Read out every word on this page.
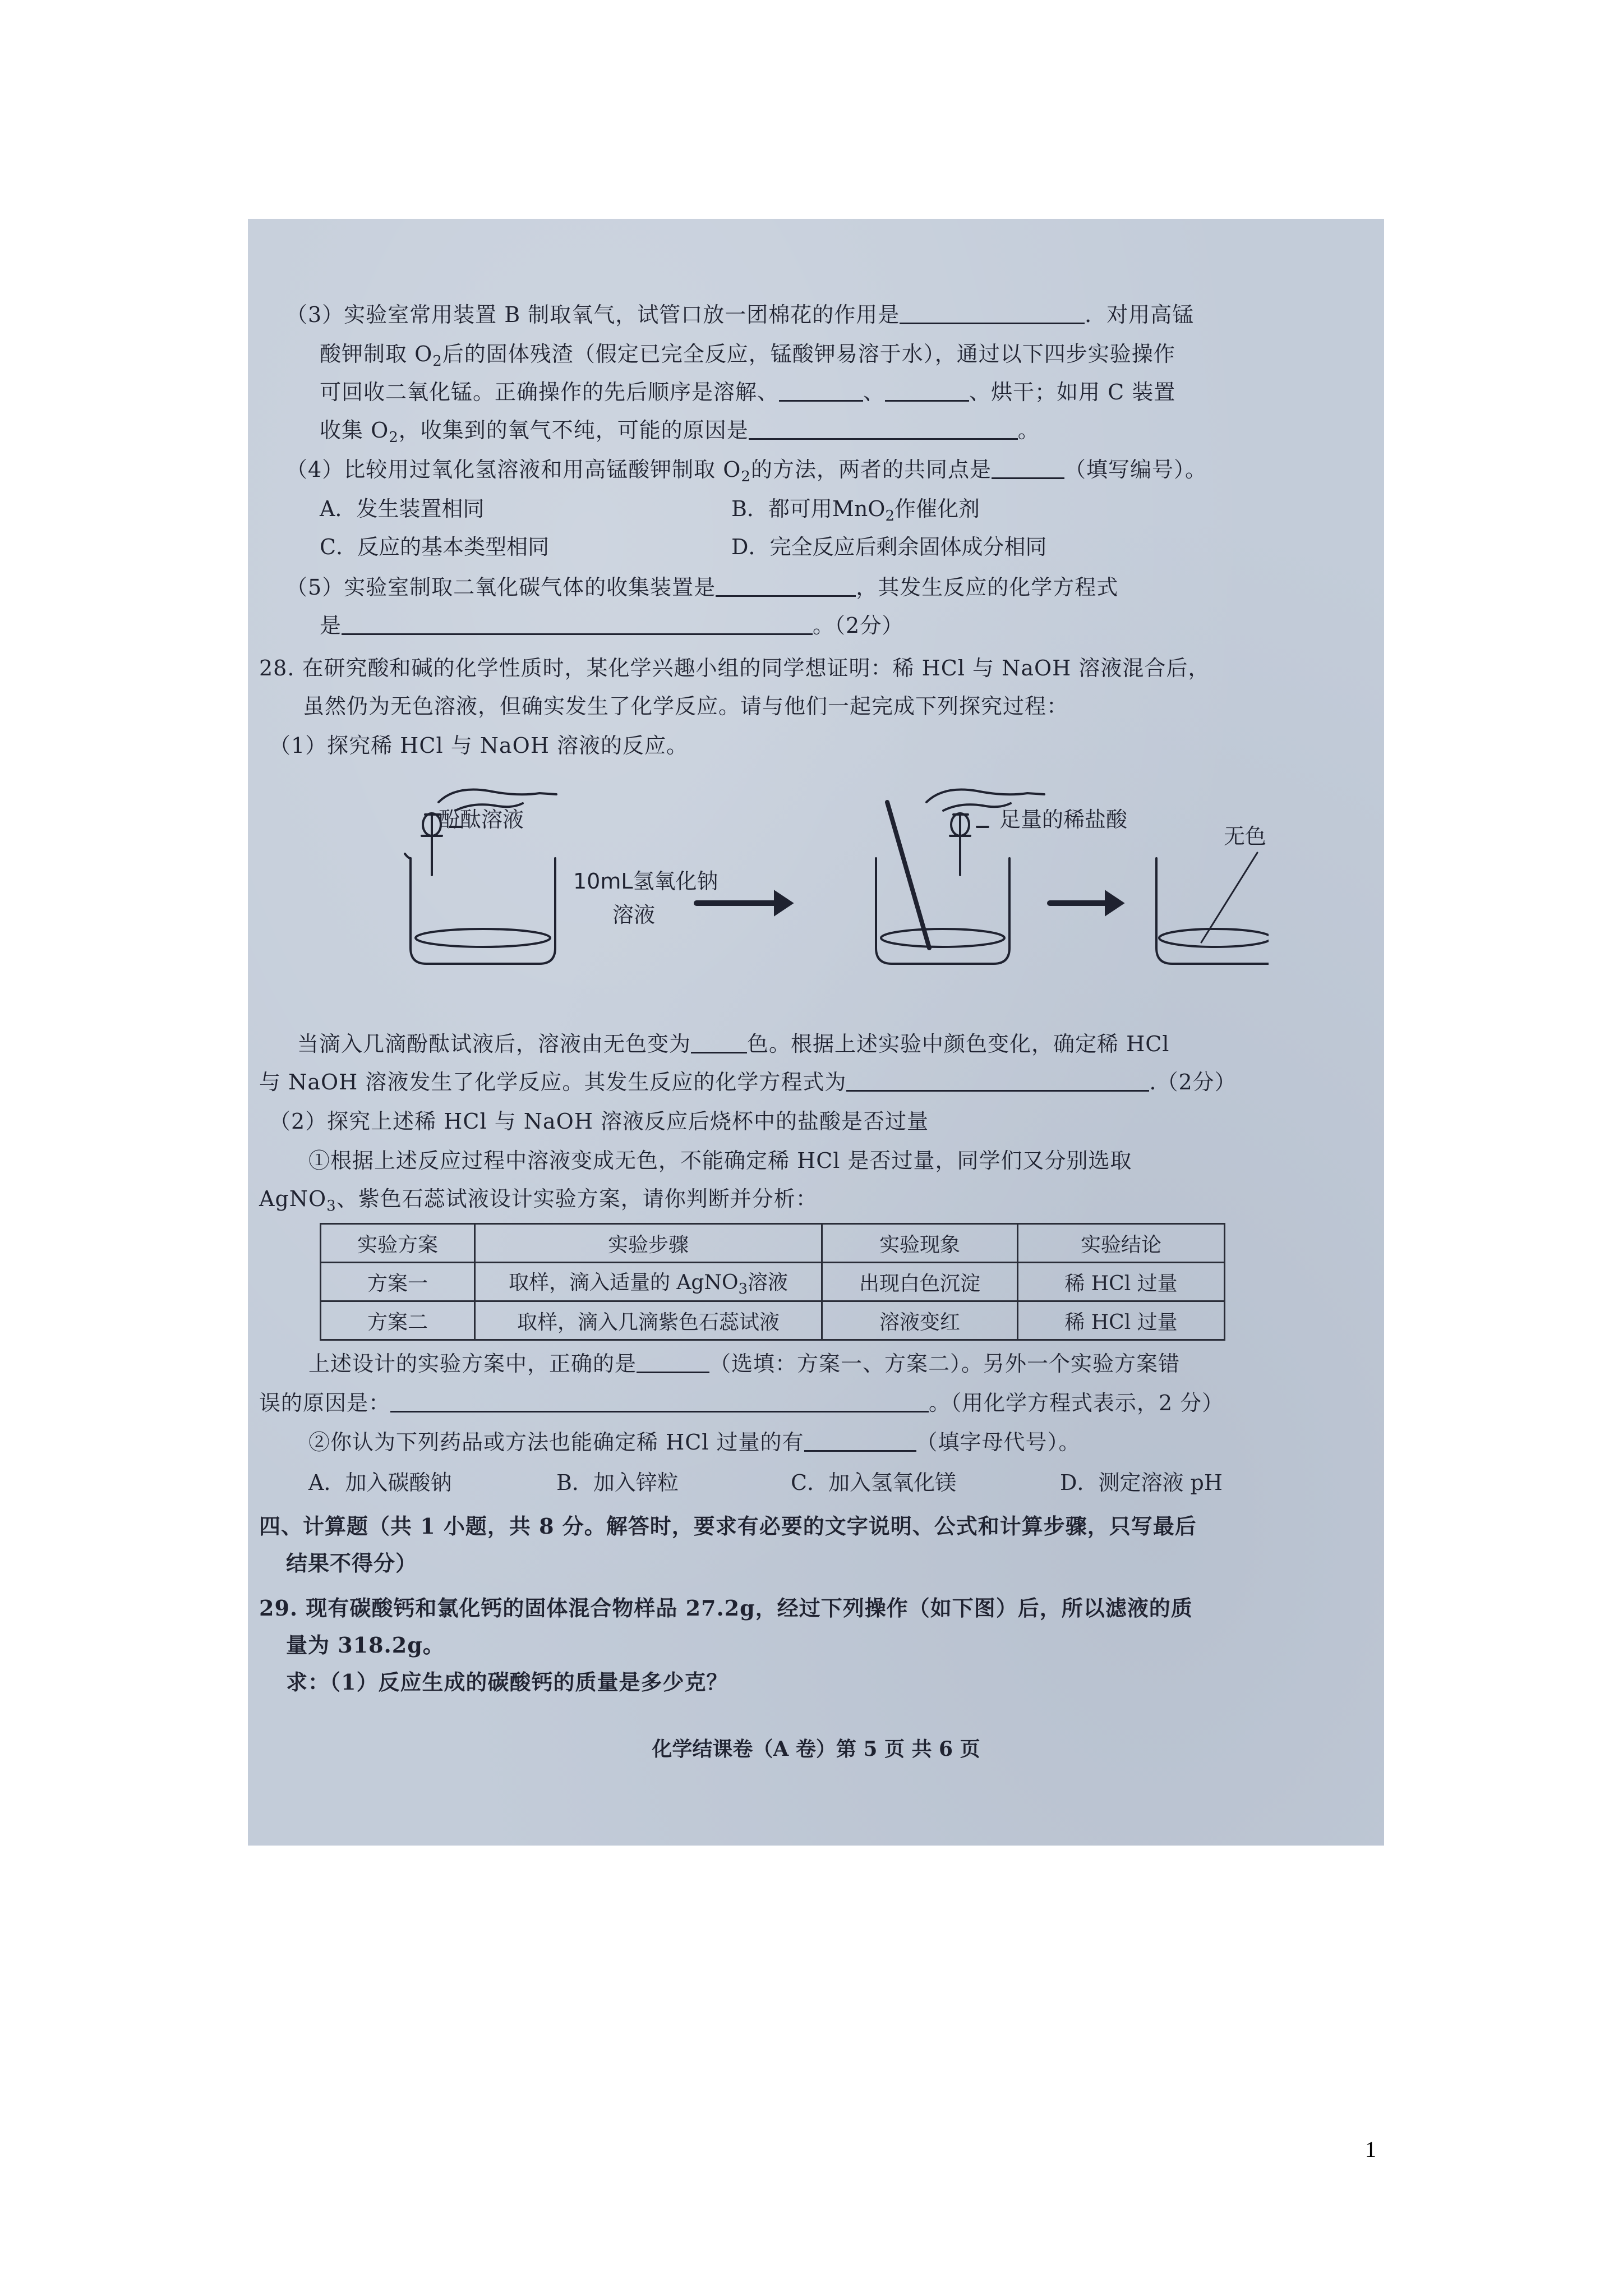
（3）实验室常用装置 B 制取氧气，试管口放一团棉花的作用是	．对用高锰
酸钾制取 $O_2$后的固体残渣（假定已完全反应，锰酸钾易溶于水），通过以下四步实验操作
可回收二氧化锰。正确操作的先后顺序是溶解、	、	、烘干；如用 C 装置
收集 $O_2$，收集到的氧气不纯，可能的原因是	。
（4）比较用过氧化氢溶液和用高锰酸钾制取 $O_2$的方法，两者的共同点是	（填写编号）。
A．发生装置相同	B．都可用MnO$_2$作催化剂
C．反应的基本类型相同	D．完全反应后剩余固体成分相同
（5）实验室制取二氧化碳气体的收集装置是	，其发生反应的化学方程式
是	。（2分）
28. 在研究酸和碱的化学性质时，某化学兴趣小组的同学想证明：稀 HCl 与 NaOH 溶液混合后，
虽然仍为无色溶液，但确实发生了化学反应。请与他们一起完成下列探究过程：
（1）探究稀 HCl 与 NaOH 溶液的反应。
酚酞溶液
10mL氢氧化钠
溶液
足量的稀盐酸
无色
当滴入几滴酚酞试液后，溶液由无色变为	色。根据上述实验中颜色变化，确定稀 HCl
与 NaOH 溶液发生了化学反应。其发生反应的化学方程式为	.（2分）
（2）探究上述稀 HCl 与 NaOH 溶液反应后烧杯中的盐酸是否过量
①根据上述反应过程中溶液变成无色，不能确定稀 HCl 是否过量，同学们又分别选取
AgNO$_3$、紫色石蕊试液设计实验方案，请你判断并分析：
实验方案	实验步骤	实验现象	实验结论
方案一	取样，滴入适量的 AgNO$_3$溶液	出现白色沉淀	稀 HCl 过量
方案二	取样，滴入几滴紫色石蕊试液	溶液变红	稀 HCl 过量
上述设计的实验方案中，正确的是	（选填：方案一、方案二）。另外一个实验方案错
误的原因是：	。（用化学方程式表示，2 分）
②你认为下列药品或方法也能确定稀 HCl 过量的有	（填字母代号）。
A．加入碳酸钠	B．加入锌粒	C．加入氢氧化镁	D．测定溶液 pH
四、计算题（共 1 小题，共 8 分。解答时，要求有必要的文字说明、公式和计算步骤，只写最后
结果不得分）
29. 现有碳酸钙和氯化钙的固体混合物样品 27.2g，经过下列操作（如下图）后，所以滤液的质
量为 318.2g。
求：（1）反应生成的碳酸钙的质量是多少克？
化学结课卷（A 卷）第 5 页 共 6 页
1
